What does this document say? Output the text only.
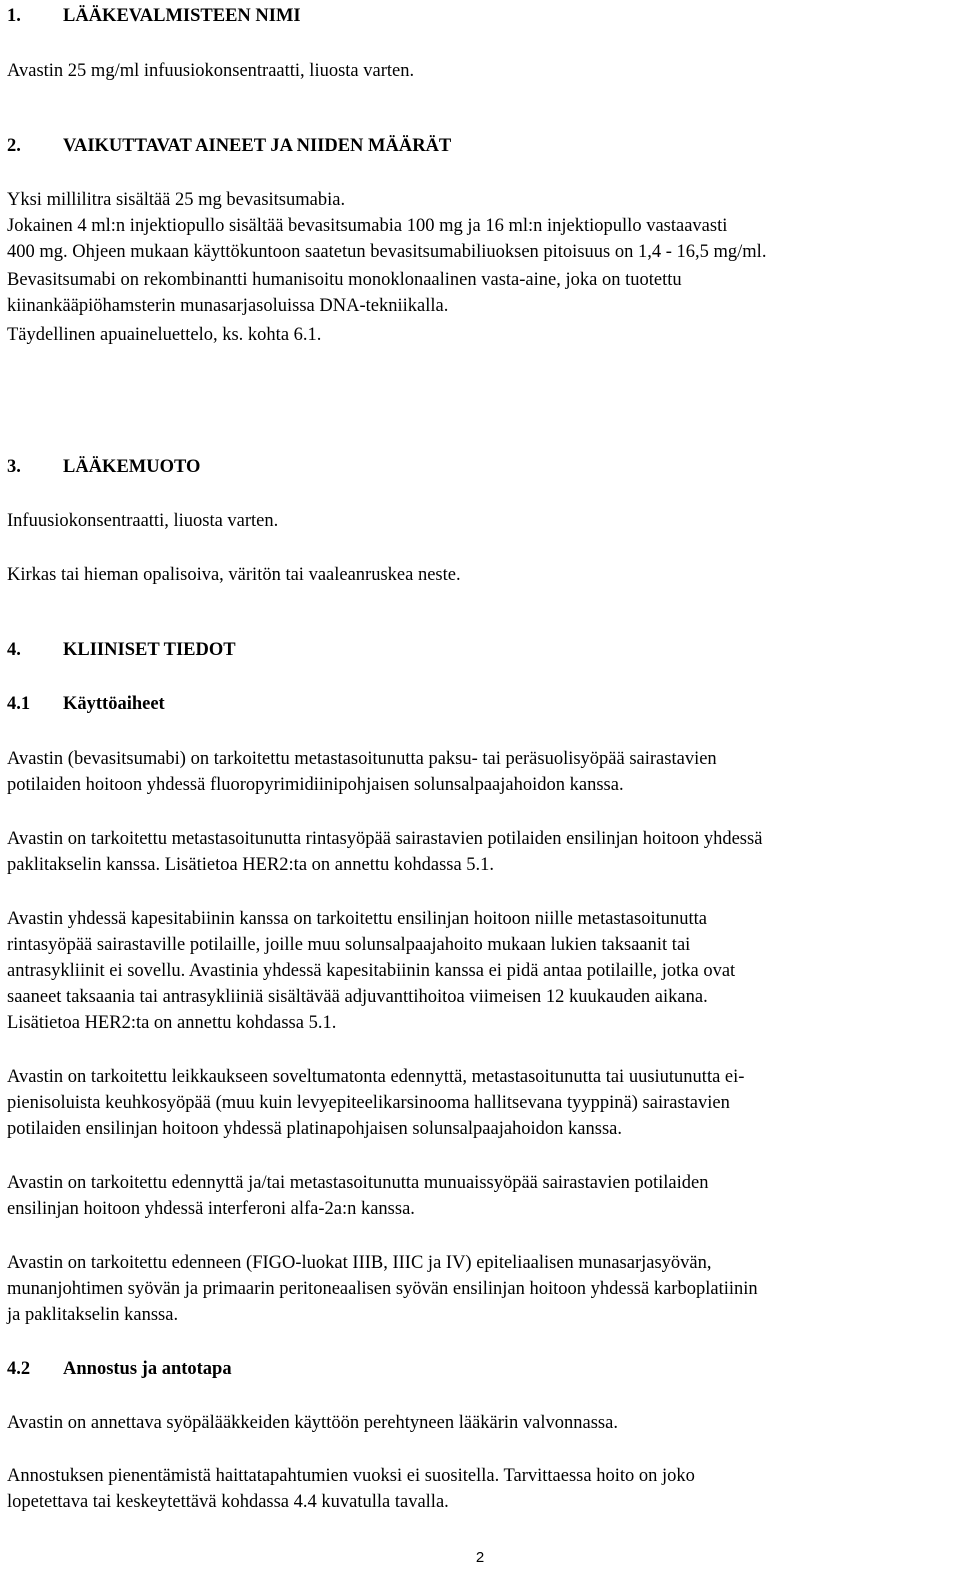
1.	LÄÄKEVALMISTEEN NIMI

Avastin 25 mg/ml infuusiokonsentraatti, liuosta varten.

2.	VAIKUTTAVAT AINEET JA NIIDEN MÄÄRÄT

Yksi millilitra sisältää 25 mg bevasitsumabia.
Jokainen 4 ml:n injektiopullo sisältää bevasitsumabia 100 mg ja 16 ml:n injektiopullo vastaavasti
400 mg. Ohjeen mukaan käyttökuntoon saatetun bevasitsumabiliuoksen pitoisuus on 1,4 - 16,5 mg/ml.

Bevasitsumabi on rekombinantti humanisoitu monoklonaalinen vasta-aine, joka on tuotettu
kiinankääpiöhamsterin munasarjasoluissa DNA-tekniikalla.

Täydellinen apuaineluettelo, ks. kohta 6.1.

3.	LÄÄKEMUOTO

Infuusiokonsentraatti, liuosta varten.

Kirkas tai hieman opalisoiva, väritön tai vaaleanruskea neste.

4.	KLIINISET TIEDOT
4.1	Käyttöaiheet

Avastin (bevasitsumabi) on tarkoitettu metastasoitunutta paksu- tai peräsuolisyöpää sairastavien
potilaiden hoitoon yhdessä fluoropyrimidiinipohjaisen solunsalpaajahoidon kanssa.

Avastin on tarkoitettu metastasoitunutta rintasyöpää sairastavien potilaiden ensilinjan hoitoon yhdessä
paklitakselin kanssa. Lisätietoa HER2:ta on annettu kohdassa 5.1.

Avastin yhdessä kapesitabiinin kanssa on tarkoitettu ensilinjan hoitoon niille metastasoitunutta
rintasyöpää sairastaville potilaille, joille muu solunsalpaajahoito mukaan lukien taksaanit tai
antrasykliinit ei sovellu. Avastinia yhdessä kapesitabiinin kanssa ei pidä antaa potilaille, jotka ovat
saaneet taksaania tai antrasykliiniä sisältävää adjuvanttihoitoa viimeisen 12 kuukauden aikana.
Lisätietoa HER2:ta on annettu kohdassa 5.1.

Avastin on tarkoitettu leikkaukseen soveltumatonta edennyttä, metastasoitunutta tai uusiutunutta ei-
pienisoluista keuhkosyöpää (muu kuin levyepiteelikarsinooma hallitsevana tyyppinä) sairastavien
potilaiden ensilinjan hoitoon yhdessä platinapohjaisen solunsalpaajahoidon kanssa.

Avastin on tarkoitettu edennyttä ja/tai metastasoitunutta munuaissyöpää sairastavien potilaiden
ensilinjan hoitoon yhdessä interferoni alfa-2a:n kanssa.

Avastin on tarkoitettu edenneen (FIGO-luokat IIIB, IIIC ja IV) epiteliaalisen munasarjasyövän,
munanjohtimen syövän ja primaarin peritoneaalisen syövän ensilinjan hoitoon yhdessä karboplatiinin
ja paklitakselin kanssa.

4.2	Annostus ja antotapa

Avastin on annettava syöpälääkkeiden käyttöön perehtyneen lääkärin valvonnassa.

Annostuksen pienentämistä haittatapahtumien vuoksi ei suositella. Tarvittaessa hoito on joko
lopetettava tai keskeytettävä kohdassa 4.4 kuvatulla tavalla.

2
